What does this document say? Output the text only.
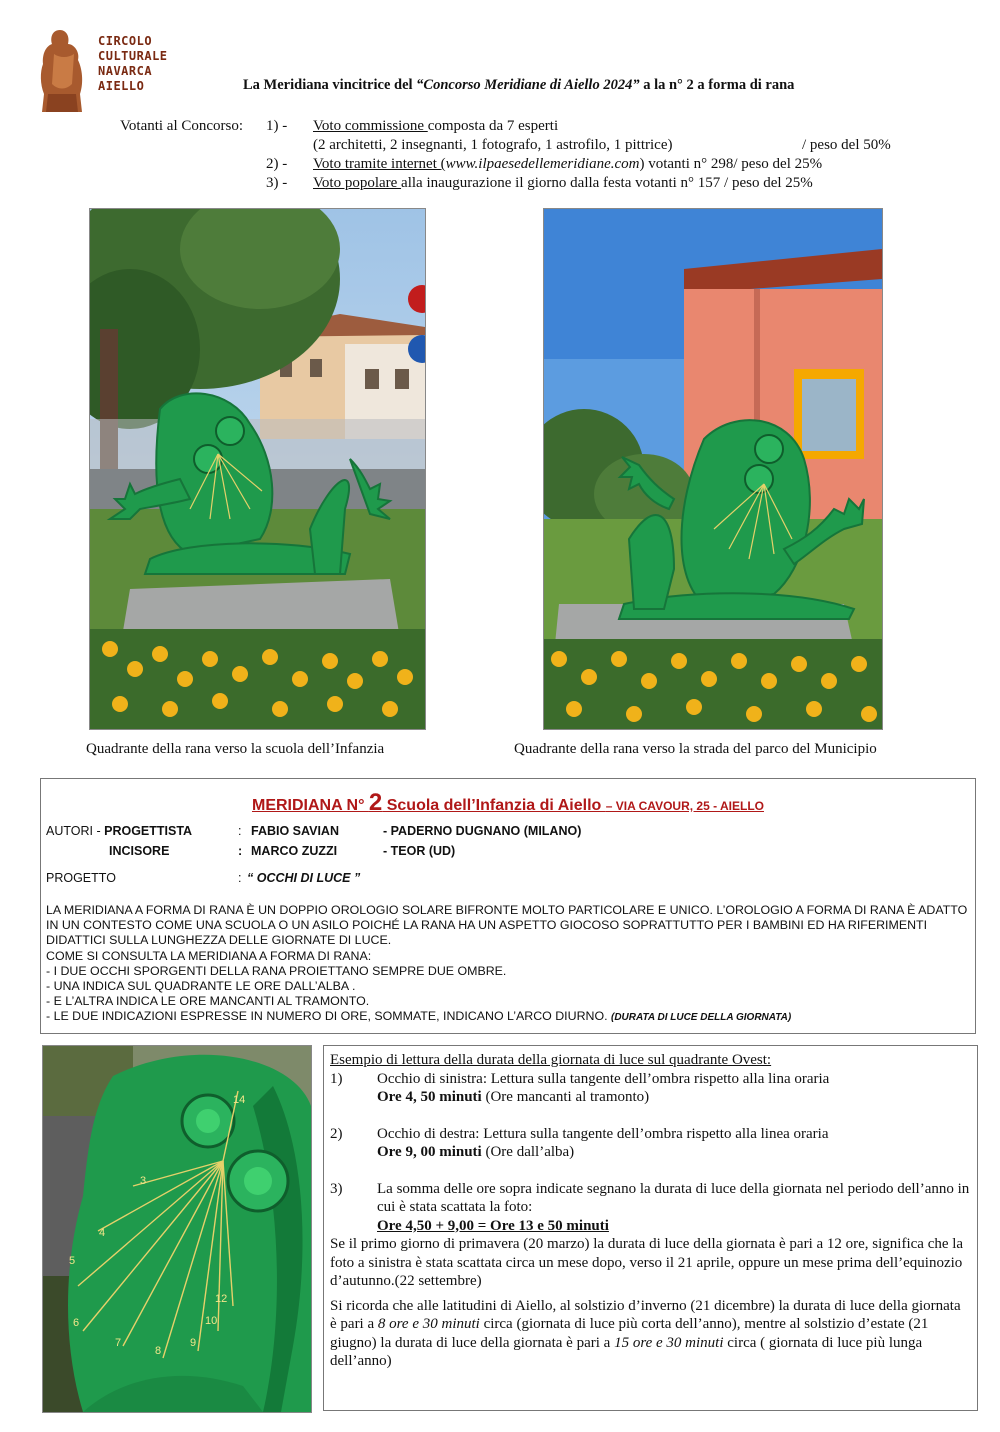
CIRCOLO
CULTURALE
NAVARCA
AIELLO	La Meridiana vincitrice del “Concorso Meridiane di Aiello 2024” a la n° 2 a forma di rana
Votanti al Concorso: 1) - Voto commissione composta da 7 esperti
(2 architetti, 2 insegnanti, 1 fotografo, 1 astrofilo, 1 pittrice)	/ peso del 50%
2) - Voto tramite internet (www.ilpaesedellemeridiane.com) votanti n° 298/ peso del 25%
3) - Voto popolare alla inaugurazione il giorno dalla festa votanti n° 157 / peso del 25%
Quadrante della rana verso la scuola dell’Infanzia	Quadrante della rana verso la strada del parco del Municipio
MERIDIANA N° 2 Scuola dell’Infanzia di Aiello – VIA CAVOUR, 25 - AIELLO
AUTORI - PROGETTISTA	: FABIO SAVIAN	- PADERNO DUGNANO (MILANO)
INCISORE	: MARCO ZUZZI	- TEOR (UD)
PROGETTO	: “ OCCHI DI LUCE ”

LA MERIDIANA A FORMA DI RANA È UN DOPPIO OROLOGIO SOLARE BIFRONTE MOLTO PARTICOLARE E UNICO. L’OROLOGIO A FORMA DI RANA È ADATTO IN UN CONTESTO COME UNA SCUOLA O UN ASILO POICHÉ LA RANA HA UN ASPETTO GIOCOSO SOPRATTUTTO PER I BAMBINI ED HA RIFERIMENTI DIDATTICI SULLA LUNGHEZZA DELLE GIORNATE DI LUCE.

COME SI CONSULTA LA MERIDIANA A FORMA DI RANA:

- I DUE OCCHI SPORGENTI DELLA RANA PROIETTANO SEMPRE DUE OMBRE.

- UNA INDICA SUL QUADRANTE LE ORE DALL’ALBA .

- E L’ALTRA INDICA LE ORE MANCANTI AL TRAMONTO.

- LE DUE INDICAZIONI ESPRESSE IN NUMERO DI ORE, SOMMATE, INDICANO L’ARCO DIURNO. (DURATA DI LUCE DELLA GIORNATA)

14
3
4
5
6
7
8
9
10
12

Esempio di lettura della durata della giornata di luce sul quadrante Ovest:

1) Occhio di sinistra: Lettura sulla tangente dell’ombra rispetto alla lina oraria
Ore 4, 50 minuti (Ore mancanti al tramonto)

2) Occhio di destra: Lettura sulla tangente dell’ombra rispetto alla linea oraria
Ore 9, 00 minuti (Ore dall’alba)

3) La somma delle ore sopra indicate segnano la durata di luce della giornata nel periodo dell’anno in cui è stata scattata la foto:
Ore 4,50 + 9,00 = Ore 13 e 50 minuti

Se il primo giorno di primavera (20 marzo) la durata di luce della giornata è pari a 12 ore, significa che la foto a sinistra è stata scattata circa un mese dopo, verso il 21 aprile, oppure un mese prima dell’equinozio d’autunno.(22 settembre)

Si ricorda che alle latitudini di Aiello, al solstizio d’inverno (21 dicembre) la durata di luce della giornata è pari a 8 ore e 30 minuti circa (giornata di luce più corta dell’anno), mentre al solstizio d’estate (21 giugno) la durata di luce della giornata è pari a 15 ore e 30 minuti circa ( giornata di luce più lunga dell’anno)
